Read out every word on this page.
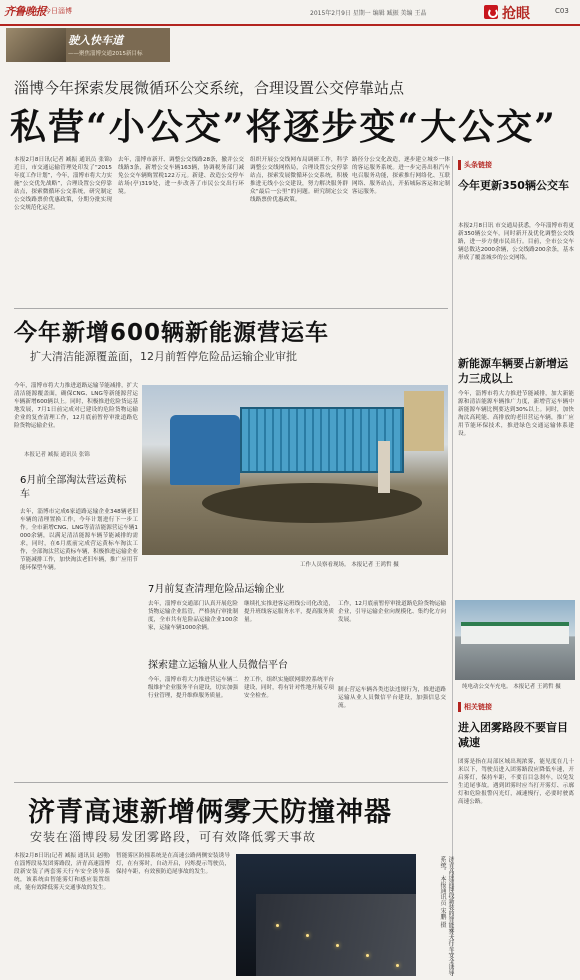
齐鲁晚报
今日淄博	2015年2月9日 星期一 编辑 臧振 美编 王晶	抢眼	C03
驶入快车道
——聚焦淄博交通2015新目标
淄博今年探索发展微循环公交系统，合理设置公交停靠站点
私营“小公交”将逐步变“大公交”
本报2月8日讯(记者 臧振 通讯员 张锦) 近日，市交通运输管理处印发了“2015年度工作计划”，今年，淄博市将大力实施“公交优先战略”，合理设置公交停靠站点，探索微循环公交系统，研究制定公交线路票价优惠政策，分期分批实现公交规范化运营。
去年，淄博市新开、调整公交线路28条，撤并公交线路3条，新增公交车辆163辆，协调税务部门减免公交车辆购置税122万元。新建、改造公交停车站场(亭)319处，进一步改善了市民公交出行环境。
组织开展公交线网布局调研工作，科学调整公交线网格局，合理设置公交停靠站点，探索发展微循环公交系统，积极推进无线小公交建设，努力解决服务群众“最后一公里”的问题。研究制定公交线路票价优惠政策。
路径分公交化改造，逐步建立城乡一体的客运服务系统。进一步完善出租汽车电召服务功能，探索推行网络化、互联网络、服务站点，开拓城际客运和定制客运服务。
头条链接
今年更新350辆公交车
本报2月8日讯 市交通局获悉，今年淄博市将更新350辆公交车，同时新开及优化调整公交线路，进一步方便市民出行。目前，全市公交车辆总数达2000余辆，公交线路200余条，基本形成了覆盖城乡的公交网络。
新能源车辆要占新增运力三成以上
今年，淄博市将大力推进节能减排，加大新能源和清洁能源车辆推广力度，新增营运车辆中新能源车辆比例要达到30%以上。同时，加快淘汰高耗能、高排放的老旧营运车辆，推广应用节能环保技术，推进绿色交通运输体系建设。
纯电动公交车充电。 本报记者 王鸿哲 摄
相关链接
进入团雾路段不要盲目减速
团雾是指在局部区域出现浓雾，能见度在几十米以下，驾驶员进入团雾路段应降低车速，开启雾灯，保持车距，不要盲目急刹车，以免发生追尾事故。遇到团雾时应当打开雾灯、示廓灯和危险报警闪光灯，减速慢行，必要时驶离高速公路。
今年新增600辆新能源营运车
扩大清洁能源覆盖面，12月前暂停危险品运输企业审批
今年，淄博市将大力推进道路运输节能减排，扩大清洁能源覆盖面，确保CNG、LNG等新能源营运车辆新增600辆以上。同时，积极推进危险货运基地发展，7月1日前完成对已建设的危险货物运输企业的复查清理工作，12月底前暂停审批道路危险货物运输企业。
本报记者 臧振 通讯员 张锦
工作人员察看现场。 本报记者 王鸿哲 摄
6月前全部淘汰营运黄标车
去年，淄博市完成6家道路运输企业348辆老旧车辆的清理置换工作，今年计划进行下一步工作。全市新增CNG、LNG等清洁能源营运车辆1000余辆，以满足清洁能源车辆节能减排的需求，同时，在6月底前完成营运黄标车淘汰工作，全部淘汰营运黄标车辆，积极推进运输企业节能减排工作，加快淘汰老旧车辆，推广应用节能环保型车辆。
7月前复查清理危险品运输企业
去年，淄博市交通部门认真开展危险货物运输企业监管，严格执行审批制度，全市共有危险品运输企业100余家，运输车辆1000余辆。
继续扎实推进客运班线公司化改造，提升班线客运服务水平，提高服务质量。
工作，12月底前暂停审批道路危险货物运输企业，引导运输企业向规模化、集约化方向发展。
探索建立运输从业人员微信平台
今年，淄博市将大力推进营运车辆二级维护企业服务平台建设，切实加强行业管理，提升维修服务质量。
控工作，组织实施联网联控系统平台建设，同时，将有针对性地开展专项安全检查。
制止营运车辆各类违法违规行为，推进道路运输从业人员微信平台建设，加强信息交流。
济青高速新增俩雾天防撞神器
安装在淄博段易发团雾路段，可有效降低雾天事故
本报2月8日讯(记者 臧振 通讯员 赵刚) 在淄博段易发团雾路段，济青高速淄博段新安装了两套雾天行车安全诱导系统，该系统由智能雾灯和感应装置组成，能有效降低雾天交通事故的发生。
智能雾区防撞系统是在高速公路两侧安装诱导灯，在有雾时，自动开启，闪烁提示驾驶员，保持车距，有效预防追尾事故的发生。	济青高速淄博段新装的智能雾天行车安全诱导系统。 本报通讯员 宋鹏 摄
